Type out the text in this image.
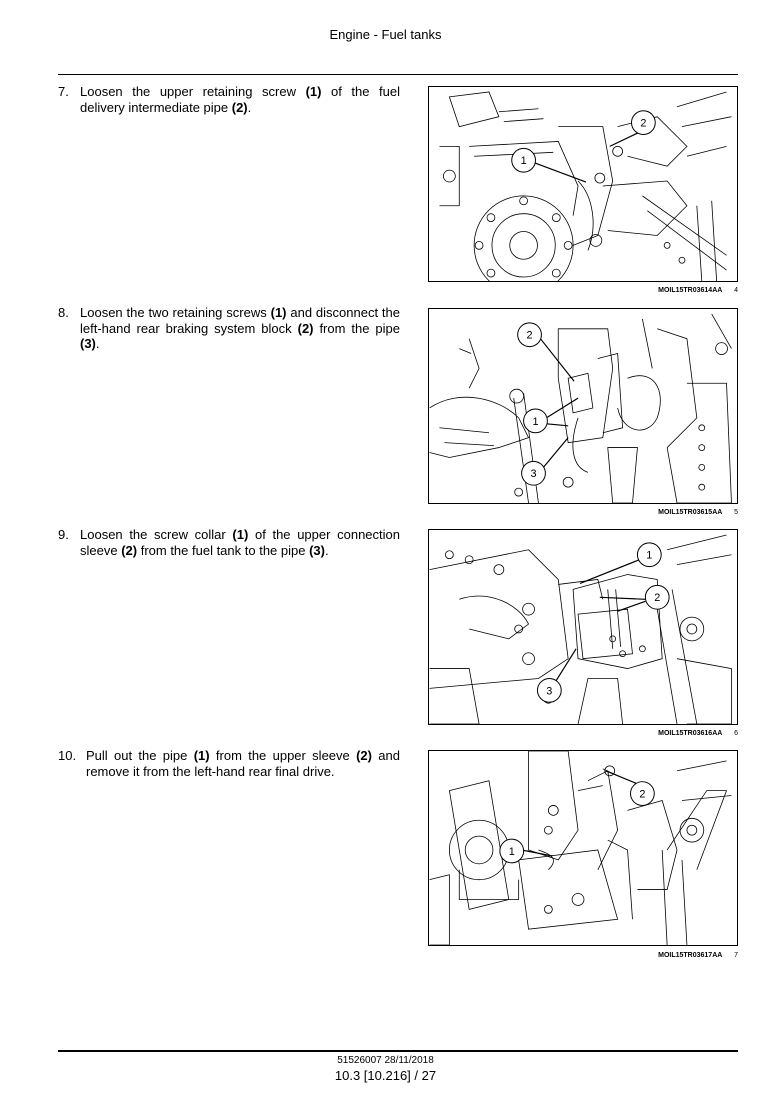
Engine - Fuel tanks
7. Loosen the upper retaining screw (1) of the fuel delivery intermediate pipe (2).
1
2
MOIL15TR03614AA 4
8. Loosen the two retaining screws (1) and disconnect the left-hand rear braking system block (2) from the pipe (3).
2
1
3
MOIL15TR03615AA 5
9. Loosen the screw collar (1) of the upper connection sleeve (2) from the fuel tank to the pipe (3).	1
2
3
MOIL15TR03616AA 6
10. Pull out the pipe (1) from the upper sleeve (2) and remove it from the left-hand rear final drive.
2
1
MOIL15TR03617AA 7
51526007 28/11/2018
10.3 [10.216] / 27
